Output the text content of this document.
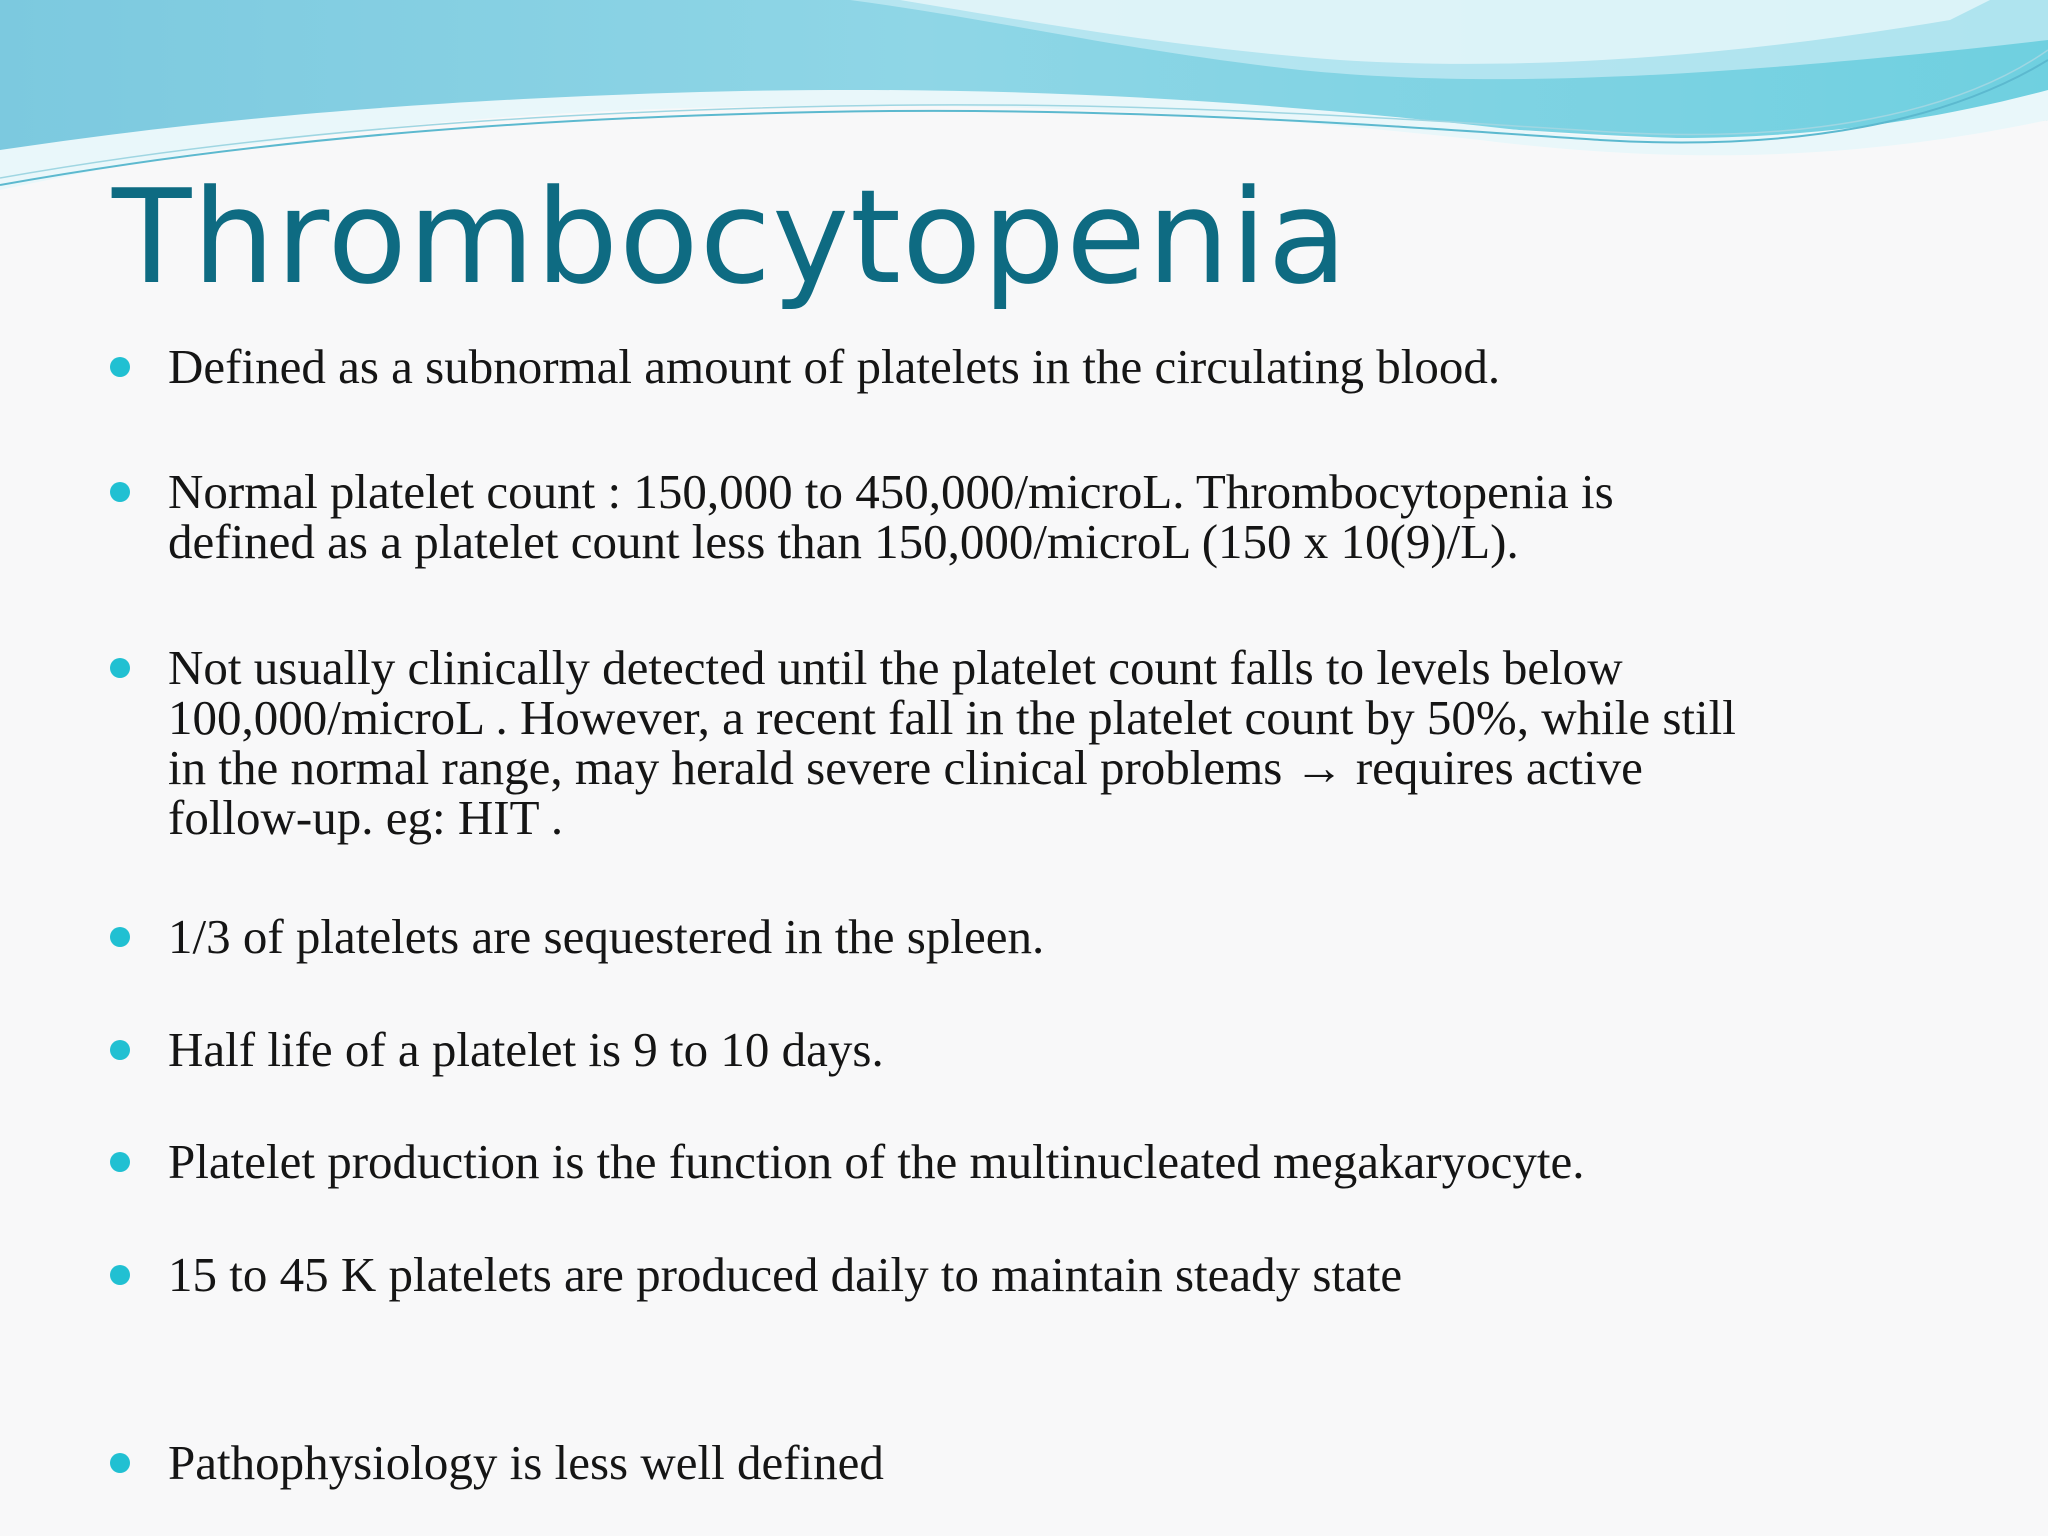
Thrombocytopenia
Defined as a subnormal amount of platelets in the circulating blood.
Normal platelet count : 150,000 to 450,000/microL. Thrombocytopenia is
defined as a platelet count less than 150,000/microL (150 x 10(9)/L).
Not usually clinically detected until the platelet count falls to levels below
100,000/microL . However, a recent fall in the platelet count by 50%, while still
in the normal range, may herald severe clinical problems → requires active
follow-up. eg: HIT .
1/3 of platelets are sequestered in the spleen.
Half life of a platelet is 9 to 10 days.
Platelet production is the function of the multinucleated megakaryocyte.
15 to 45 K platelets are produced daily to maintain steady state
Pathophysiology is less well defined
